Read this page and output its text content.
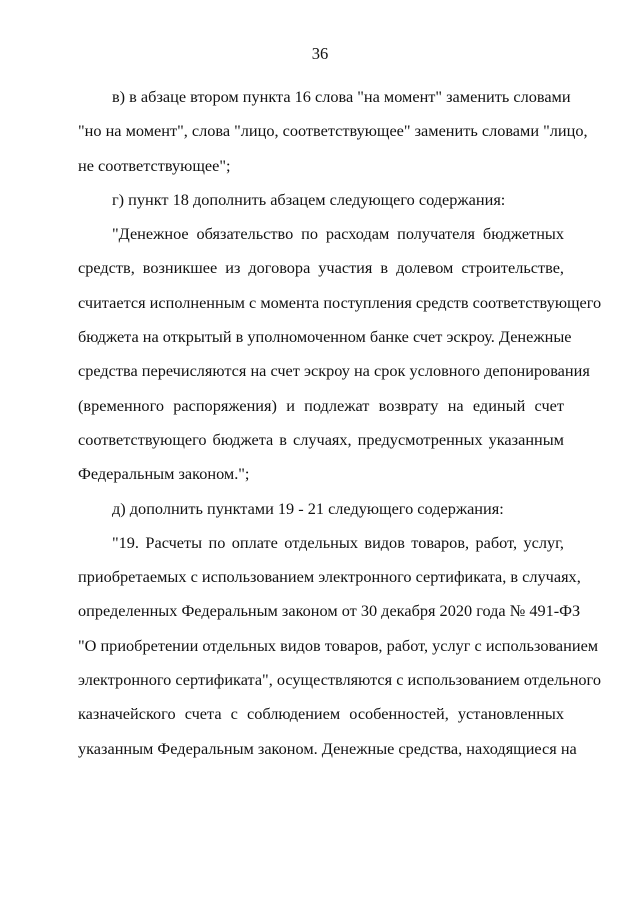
36
в) в абзаце втором пункта 16 слова "на момент" заменить словами
"но на момент", слова "лицо, соответствующее" заменить словами "лицо,
не соответствующее";
г) пункт 18 дополнить абзацем следующего содержания:
"Денежное обязательство по расходам получателя бюджетных
средств, возникшее из договора участия в долевом строительстве,
считается исполненным с момента поступления средств соответствующего
бюджета на открытый в уполномоченном банке счет эскроу. Денежные
средства перечисляются на счет эскроу на срок условного депонирования
(временного распоряжения) и подлежат возврату на единый счет
соответствующего бюджета в случаях, предусмотренных указанным
Федеральным законом.";
д) дополнить пунктами 19 - 21 следующего содержания:
"19. Расчеты по оплате отдельных видов товаров, работ, услуг,
приобретаемых с использованием электронного сертификата, в случаях,
определенных Федеральным законом от 30 декабря 2020 года № 491-ФЗ
"О приобретении отдельных видов товаров, работ, услуг с использованием
электронного сертификата", осуществляются с использованием отдельного
казначейского счета с соблюдением особенностей, установленных
указанным Федеральным законом. Денежные средства, находящиеся на
